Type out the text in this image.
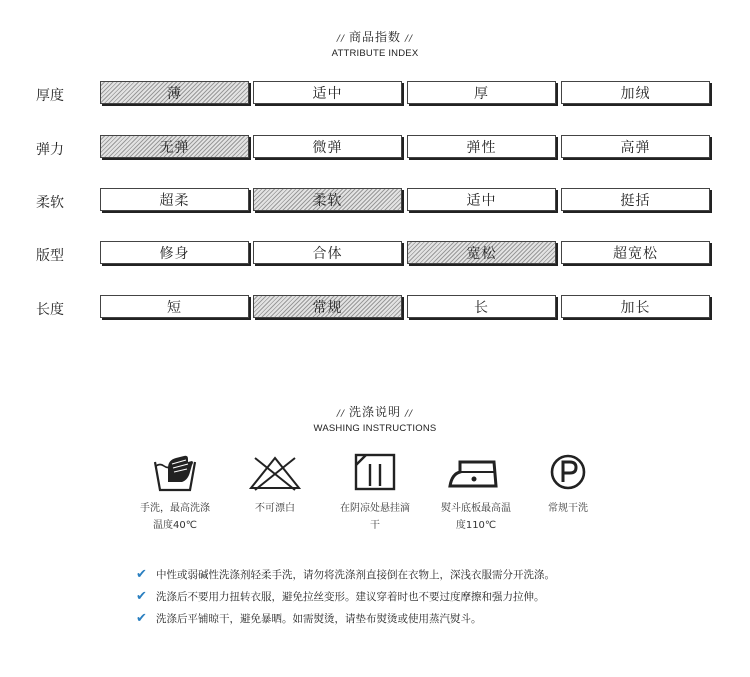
// 商品指数 //
ATTRIBUTE INDEX
厚度	薄	适中	厚	加绒
弹力	无弹	微弹	弹性	高弹
柔软	超柔	柔软	适中	挺括
版型	修身	合体	宽松	超宽松
长度	短	常规	长	加长
// 洗涤说明 //
WASHING INSTRUCTIONS
手洗，最高洗涤
温度40℃
不可漂白	在阴凉处悬挂滴
干
熨斗底板最高温
度110℃
常规干洗
✔ 中性或弱碱性洗涤剂轻柔手洗，请勿将洗涤剂直接倒在衣物上，深浅衣服需分开洗涤。
✔ 洗涤后不要用力扭转衣服，避免拉丝变形。建议穿着时也不要过度摩擦和强力拉伸。
✔ 洗涤后平铺晾干，避免暴晒。如需熨烫，请垫布熨烫或使用蒸汽熨斗。
